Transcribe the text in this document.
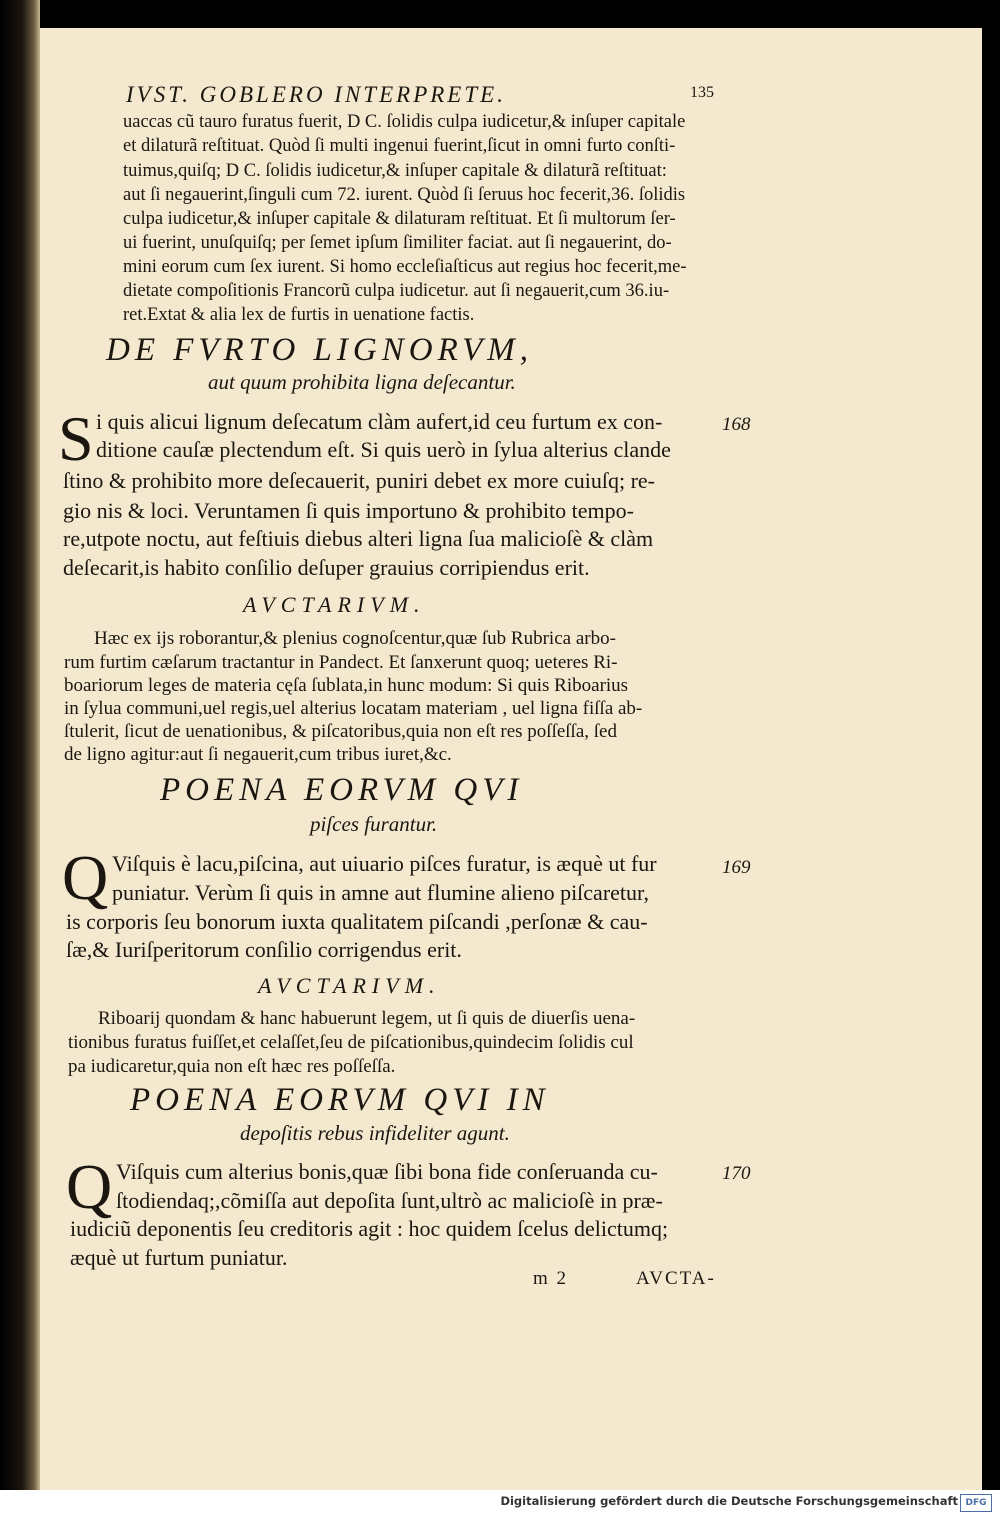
IVST. GOBLERO INTERPRETE.	135
uaccas cũ tauro furatus fuerit, D C. ſolidis culpa iudicetur,& inſuper capitale
et dilaturã reſtituat. Quòd ſi multi ingenui fuerint,ſicut in omni furto conſti-
tuimus,quiſq; D C. ſolidis iudicetur,& inſuper capitale & dilaturã reſtituat:
aut ſi negauerint,ſinguli cum 72. iurent. Quòd ſi ſeruus hoc fecerit,36. ſolidis
culpa iudicetur,& inſuper capitale & dilaturam reſtituat. Et ſi multorum ſer-
ui fuerint, unuſquiſq; per ſemet ipſum ſimiliter faciat. aut ſi negauerint, do-
mini eorum cum ſex iurent. Si homo eccleſiaſticus aut regius hoc fecerit,me-
dietate compoſitionis Francorũ culpa iudicetur. aut ſi negauerit,cum 36.iu-
ret.Extat & alia lex de furtis in uenatione factis.
DE FVRTO LIGNORVM,
aut quum prohibita ligna deſecantur.
S i quis alicui lignum deſecatum clàm aufert,id ceu furtum ex con-
ditione cauſæ plectendum eſt. Si quis uerò in ſylua alterius clande
ſtino & prohibito more deſecauerit, puniri debet ex more cuiuſq; re-
gio nis & loci. Veruntamen ſi quis importuno & prohibito tempo-
re,utpote noctu, aut feſtiuis diebus alteri ligna ſua malicioſè & clàm
deſecarit,is habito conſilio deſuper grauius corripiendus erit.
168
AVCTARIVM.
Hæc ex ijs roborantur,& plenius cognoſcentur,quæ ſub Rubrica arbo-
rum furtim cæſarum tractantur in Pandect. Et ſanxerunt quoq; ueteres Ri-
boariorum leges de materia cęſa ſublata,in hunc modum: Si quis Riboarius
in ſylua communi,uel regis,uel alterius locatam materiam , uel ligna fiſſa ab-
ſtulerit, ſicut de uenationibus, & piſcatoribus,quia non eſt res poſſeſſa, ſed
de ligno agitur:aut ſi negauerit,cum tribus iuret,&c.
POENA EORVM QVI
piſces furantur.
Q Viſquis è lacu,piſcina, aut uiuario piſces furatur, is æquè ut fur
puniatur. Verùm ſi quis in amne aut flumine alieno piſcaretur,
is corporis ſeu bonorum iuxta qualitatem piſcandi ,perſonæ & cau-
ſæ,& Iuriſperitorum conſilio corrigendus erit.
169
AVCTARIVM.
Riboarij quondam & hanc habuerunt legem, ut ſi quis de diuerſis uena-
tionibus furatus fuiſſet,et celaſſet,ſeu de piſcationibus,quindecim ſolidis cul
pa iudicaretur,quia non eſt hæc res poſſeſſa.
POENA EORVM QVI IN
depoſitis rebus infideliter agunt.
Q Viſquis cum alterius bonis,quæ ſibi bona fide conſeruanda cu-
ſtodiendaq;,cõmiſſa aut depoſita ſunt,ultrò ac malicioſè in præ-
iudiciũ deponentis ſeu creditoris agit : hoc quidem ſcelus delictumq;
æquè ut furtum puniatur.
170
m 2	AVCTA-
Digitalisierung gefördert durch die Deutsche Forschungsgemeinschaft DFG
